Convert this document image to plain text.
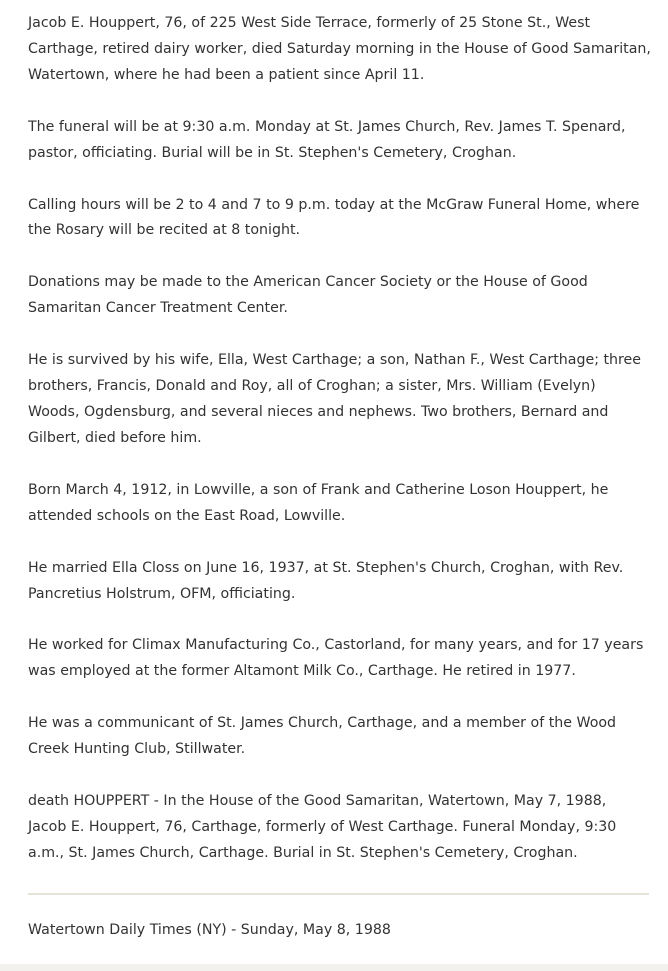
Jacob E. Houppert, 76, of 225 West Side Terrace, formerly of 25 Stone St., West
Carthage, retired dairy worker, died Saturday morning in the House of Good Samaritan,
Watertown, where he had been a patient since April 11.

The funeral will be at 9:30 a.m. Monday at St. James Church, Rev. James T. Spenard,
pastor, officiating. Burial will be in St. Stephen's Cemetery, Croghan.

Calling hours will be 2 to 4 and 7 to 9 p.m. today at the McGraw Funeral Home, where
the Rosary will be recited at 8 tonight.

Donations may be made to the American Cancer Society or the House of Good
Samaritan Cancer Treatment Center.

He is survived by his wife, Ella, West Carthage; a son, Nathan F., West Carthage; three
brothers, Francis, Donald and Roy, all of Croghan; a sister, Mrs. William (Evelyn)
Woods, Ogdensburg, and several nieces and nephews. Two brothers, Bernard and
Gilbert, died before him.

Born March 4, 1912, in Lowville, a son of Frank and Catherine Loson Houppert, he
attended schools on the East Road, Lowville.

He married Ella Closs on June 16, 1937, at St. Stephen's Church, Croghan, with Rev.
Pancretius Holstrum, OFM, officiating.

He worked for Climax Manufacturing Co., Castorland, for many years, and for 17 years
was employed at the former Altamont Milk Co., Carthage. He retired in 1977.

He was a communicant of St. James Church, Carthage, and a member of the Wood
Creek Hunting Club, Stillwater.

death HOUPPERT - In the House of the Good Samaritan, Watertown, May 7, 1988,
Jacob E. Houppert, 76, Carthage, formerly of West Carthage. Funeral Monday, 9:30
a.m., St. James Church, Carthage. Burial in St. Stephen's Cemetery, Croghan.

Watertown Daily Times (NY) - Sunday, May 8, 1988
